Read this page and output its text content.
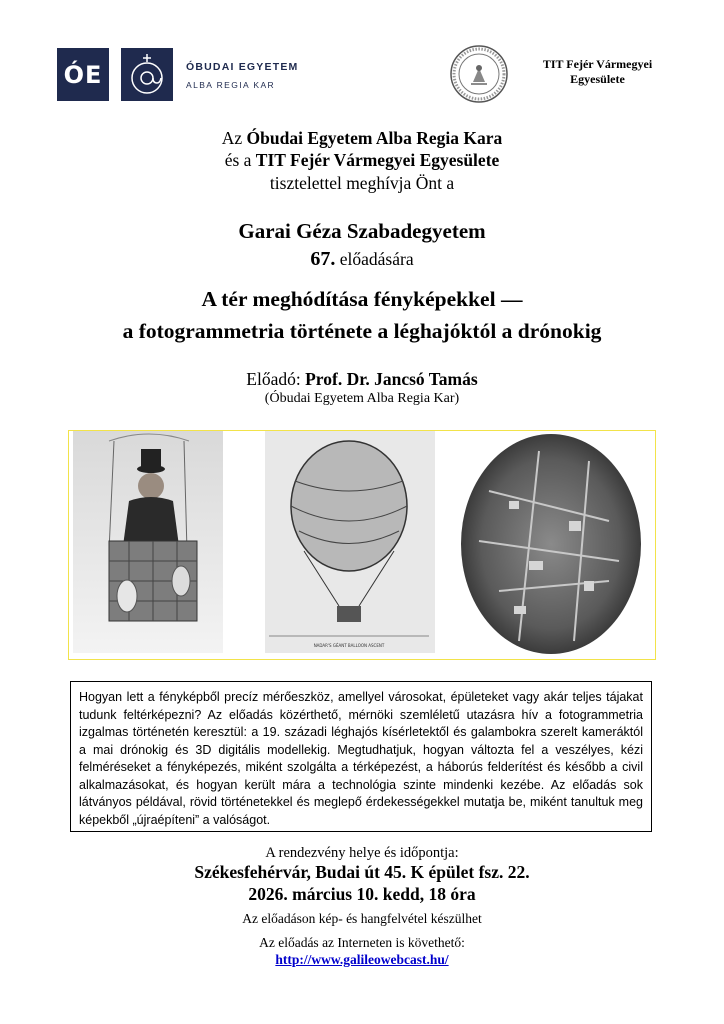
ÓE	ÓBUDAI EGYETEM
ALBA REGIA KAR
TIT Fejér Vármegyei
Egyesülete
Az Óbudai Egyetem Alba Regia Kara
és a TIT Fejér Vármegyei Egyesülete
tisztelettel meghívja Önt a
Garai Géza Szabadegyetem
67. előadására
A tér meghódítása fényképekkel —
a fotogrammetria története a léghajóktól a drónokig
Előadó: Prof. Dr. Jancsó Tamás
(Óbudai Egyetem Alba Regia Kar)
NADAR'S GÉANT BALLOON ASCENT
Hogyan lett a fényképből precíz mérőeszköz, amellyel városokat, épületeket vagy akár teljes tájakat tudunk feltérképezni? Az előadás közérthető, mérnöki szemléletű utazásra hív a fotogrammetria izgalmas történetén keresztül: a 19. századi léghajós kísérletektől és galambokra szerelt kameráktól a mai drónokig és 3D digitális modellekig. Megtudhatjuk, hogyan változta fel a veszélyes, kézi felméréseket a fényképezés, miként szolgálta a térképezést, a háborús felderítést és később a civil alkalmazásokat, és hogyan került mára a technológia szinte mindenki kezébe. Az előadás sok látványos példával, rövid történetekkel és meglepő érdekességekkel mutatja be, miként tanultuk meg képekből „újraépíteni” a valóságot.
A rendezvény helye és időpontja:
Székesfehérvár, Budai út 45. K épület fsz. 22.
2026. március 10. kedd, 18 óra
Az előadáson kép- és hangfelvétel készülhet
Az előadás az Interneten is követhető:
http://www.galileowebcast.hu/
